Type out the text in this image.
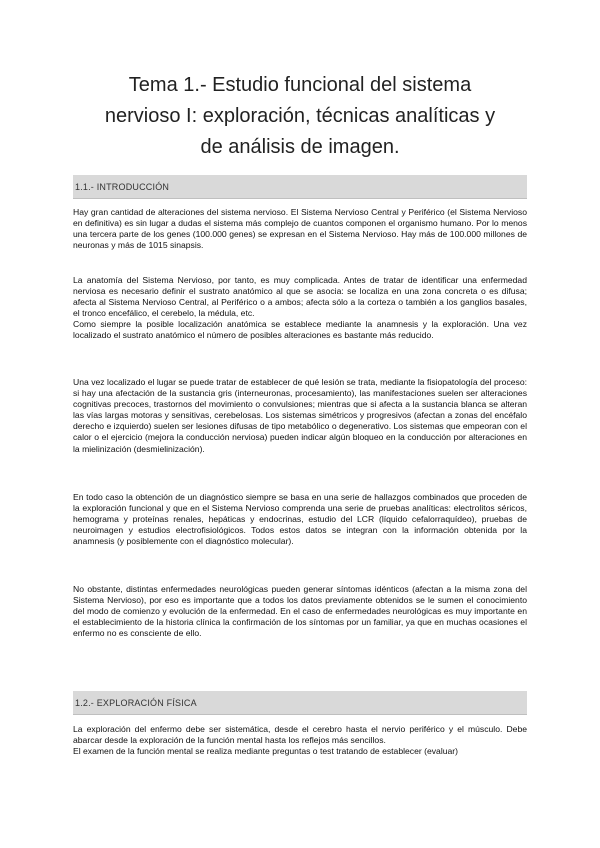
Tema 1.- Estudio funcional del sistema
nervioso I: exploración, técnicas analíticas y
de análisis de imagen.
1.1.- INTRODUCCIÓN

Hay gran cantidad de alteraciones del sistema nervioso. El Sistema Nervioso Central y Periférico (el Sistema Nervioso en definitiva) es sin lugar a dudas el sistema más complejo de cuantos componen el organismo humano. Por lo menos una tercera parte de los genes (100.000 genes) se expresan en el Sistema Nervioso. Hay más de 100.000 millones de neuronas y más de 1015 sinapsis.

La anatomía del Sistema Nervioso, por tanto, es muy complicada. Antes de tratar de identificar una enfermedad nerviosa es necesario definir el sustrato anatómico al que se asocia: se localiza en una zona concreta o es difusa; afecta al Sistema Nervioso Central, al Periférico o a ambos; afecta sólo a la corteza o también a los ganglios basales, el tronco encefálico, el cerebelo, la médula, etc.
Como siempre la posible localización anatómica se establece mediante la anamnesis y la exploración. Una vez localizado el sustrato anatómico el número de posibles alteraciones es bastante más reducido.

Una vez localizado el lugar se puede tratar de establecer de qué lesión se trata, mediante la fisiopatología del proceso: si hay una afectación de la sustancia gris (interneuronas, procesamiento), las manifestaciones suelen ser alteraciones cognitivas precoces, trastornos del movimiento o convulsiones; mientras que si afecta a la sustancia blanca se alteran las vías largas motoras y sensitivas, cerebelosas. Los sistemas simétricos y progresivos (afectan a zonas del encéfalo derecho e izquierdo) suelen ser lesiones difusas de tipo metabólico o degenerativo. Los sistemas que empeoran con el calor o el ejercicio (mejora la conducción nerviosa) pueden indicar algún bloqueo en la conducción por alteraciones en la mielinización (desmielinización).

En todo caso la obtención de un diagnóstico siempre se basa en una serie de hallazgos combinados que proceden de la exploración funcional y que en el Sistema Nervioso comprenda una serie de pruebas analíticas: electrolitos séricos, hemograma y proteínas renales, hepáticas y endocrinas, estudio del LCR (líquido cefalorraquídeo), pruebas de neuroimagen y estudios electrofisiológicos. Todos estos datos se integran con la información obtenida por la anamnesis (y posiblemente con el diagnóstico molecular).

No obstante, distintas enfermedades neurológicas pueden generar síntomas idénticos (afectan a la misma zona del Sistema Nervioso), por eso es importante que a todos los datos previamente obtenidos se le sumen el conocimiento del modo de comienzo y evolución de la enfermedad. En el caso de enfermedades neurológicas es muy importante en el establecimiento de la historia clínica la confirmación de los síntomas por un familiar, ya que en muchas ocasiones el enfermo no es consciente de ello.

1.2.- EXPLORACIÓN FÍSICA

La exploración del enfermo debe ser sistemática, desde el cerebro hasta el nervio periférico y el músculo. Debe abarcar desde la exploración de la función mental hasta los reflejos más sencillos.
El examen de la función mental se realiza mediante preguntas o test tratando de establecer (evaluar)
